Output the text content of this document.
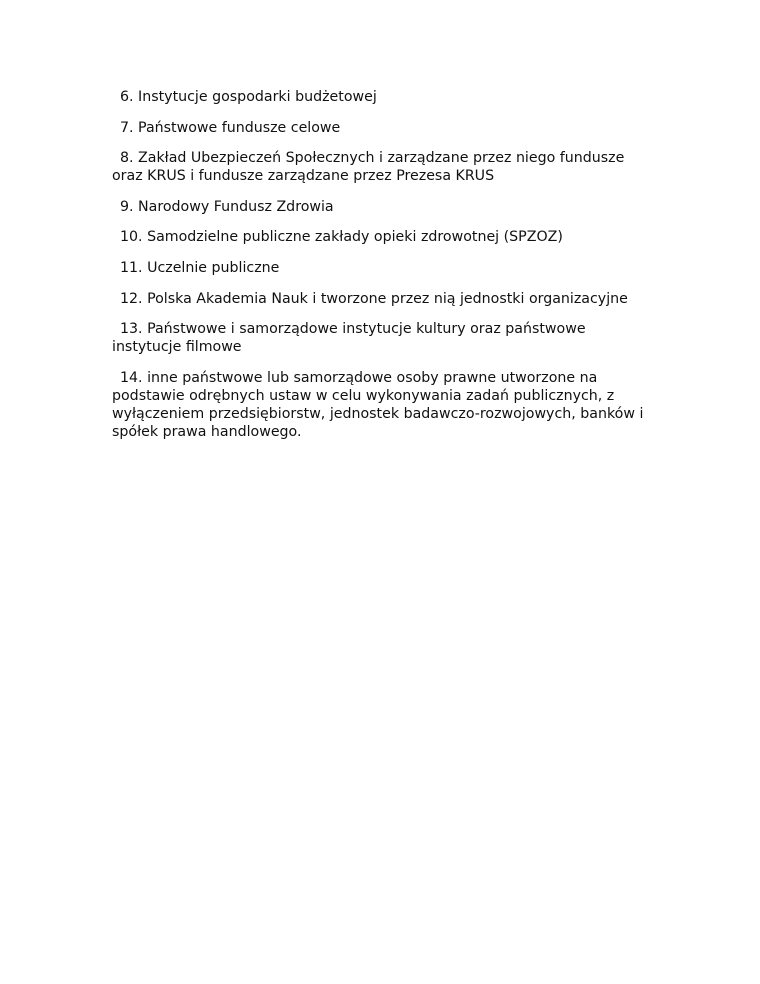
6. Instytucje gospodarki budżetowej

7. Państwowe fundusze celowe

8. Zakład Ubezpieczeń Społecznych i zarządzane przez niego fundusze oraz KRUS i fundusze zarządzane przez Prezesa KRUS

9. Narodowy Fundusz Zdrowia

10. Samodzielne publiczne zakłady opieki zdrowotnej (SPZOZ)

11. Uczelnie publiczne

12. Polska Akademia Nauk i tworzone przez nią jednostki organizacyjne

13. Państwowe i samorządowe instytucje kultury oraz państwowe instytucje filmowe

14. inne państwowe lub samorządowe osoby prawne utworzone na podstawie odrębnych ustaw w celu wykonywania zadań publicznych, z wyłączeniem przedsiębiorstw, jednostek badawczo-rozwojowych, banków i spółek prawa handlowego.
